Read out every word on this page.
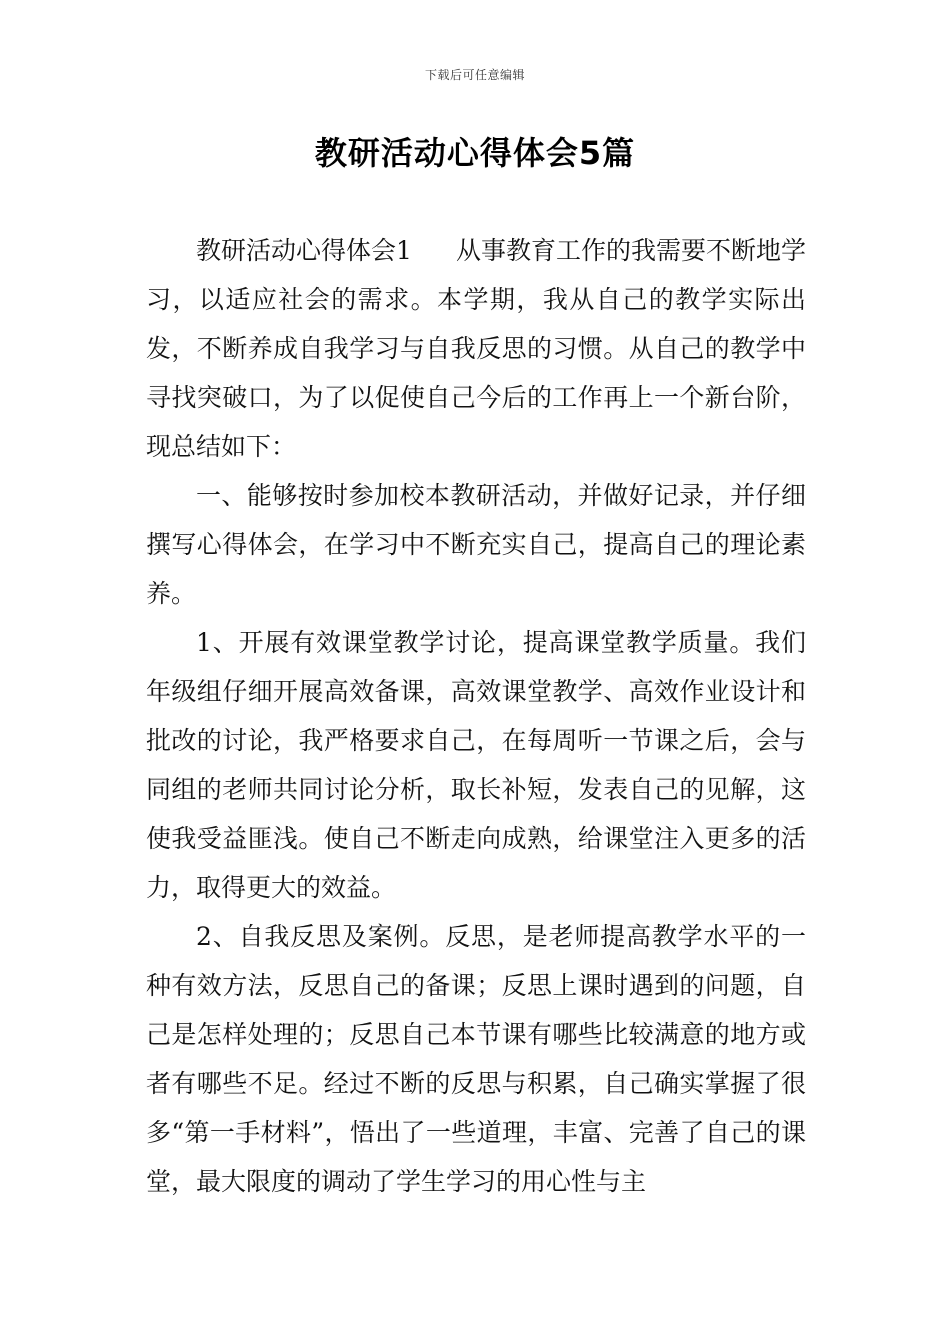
下载后可任意编辑
教研活动心得体会5篇

教研活动心得体会1 从事教育工作的我需要不断地学习，以适应社会的需求。本学期，我从自己的教学实际出发，不断养成自我学习与自我反思的习惯。从自己的教学中寻找突破口，为了以促使自己今后的工作再上一个新台阶，现总结如下：

一、能够按时参加校本教研活动，并做好记录，并仔细撰写心得体会，在学习中不断充实自己，提高自己的理论素养。

1、开展有效课堂教学讨论，提高课堂教学质量。我们年级组仔细开展高效备课，高效课堂教学、高效作业设计和批改的讨论，我严格要求自己，在每周听一节课之后，会与同组的老师共同讨论分析，取长补短，发表自己的见解，这使我受益匪浅。使自己不断走向成熟，给课堂注入更多的活力，取得更大的效益。

2、自我反思及案例。反思，是老师提高教学水平的一种有效方法，反思自己的备课；反思上课时遇到的问题，自己是怎样处理的；反思自己本节课有哪些比较满意的地方或者有哪些不足。经过不断的反思与积累，自己确实掌握了很多“第一手材料”，悟出了一些道理，丰富、完善了自己的课堂，最大限度的调动了学生学习的用心性与主
